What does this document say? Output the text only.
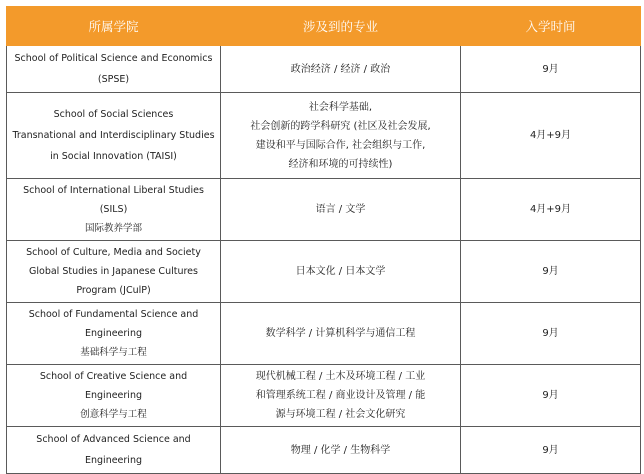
所属学院	涉及到的专业	入学时间

School of Political Science and Economics
(SPSE)	政治经济 / 经济 / 政治	9月

School of Social Sciences
Transnational and Interdisciplinary Studies
in Social Innovation (TAISI)	社会科学基础,
社会创新的跨学科研究 (社区及社会发展,
建设和平与国际合作, 社会组织与工作,
经济和环境的可持续性)	4月+9月

School of International Liberal Studies
(SILS)
国际教养学部	语言 / 文学	4月+9月

School of Culture, Media and Society
Global Studies in Japanese Cultures
Program (JCulP)	日本文化 / 日本文学	9月

School of Fundamental Science and
Engineering
基础科学与工程	数学科学 / 计算机科学与通信工程	9月

School of Creative Science and
Engineering
创意科学与工程	现代机械工程 / 土木及环境工程 / 工业
和管理系统工程 / 商业设计及管理 / 能
源与环境工程 / 社会文化研究	9月

School of Advanced Science and
Engineering	物理 / 化学 / 生物科学	9月
